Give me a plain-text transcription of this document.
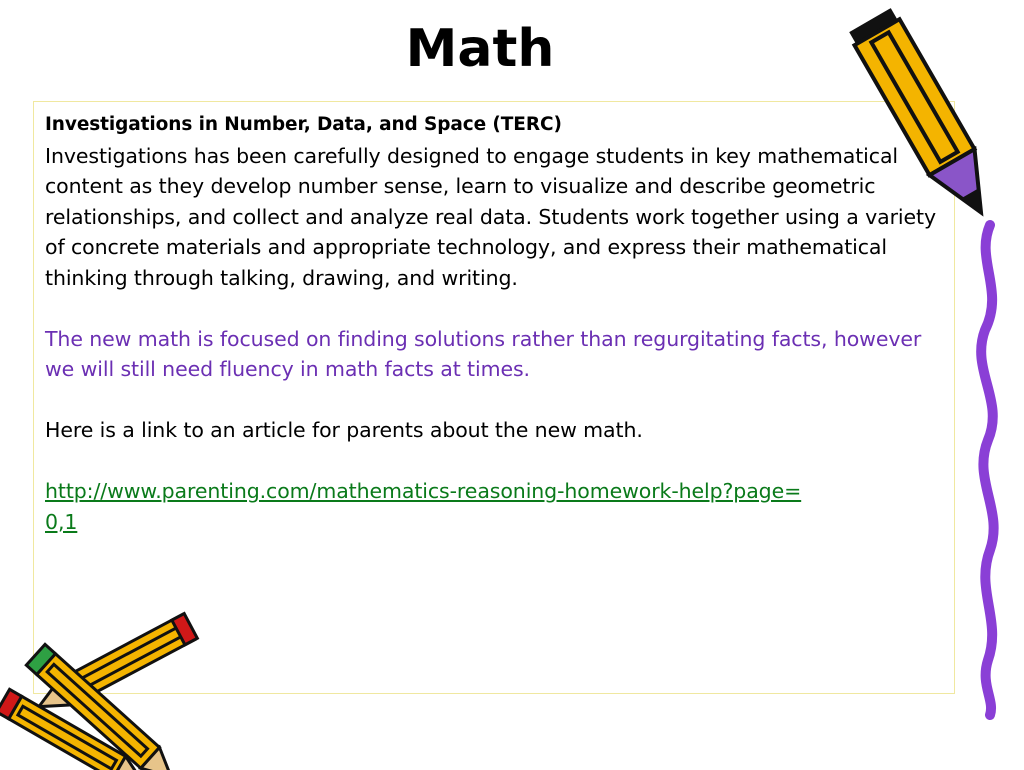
Math

Investigations in Number, Data, and Space (TERC)

Investigations has been carefully designed to engage students in key mathematical content as they develop number sense, learn to visualize and describe geometric relationships, and collect and analyze real data. Students work together using a variety of concrete materials and appropriate technology, and express their mathematical thinking through talking, drawing, and writing.

The new math is focused on finding solutions rather than regurgitating facts, however we will still need fluency in math facts at times.

Here is a link to an article for parents about the new math.

http://www.parenting.com/mathematics-reasoning-homework-help?page=0,1
